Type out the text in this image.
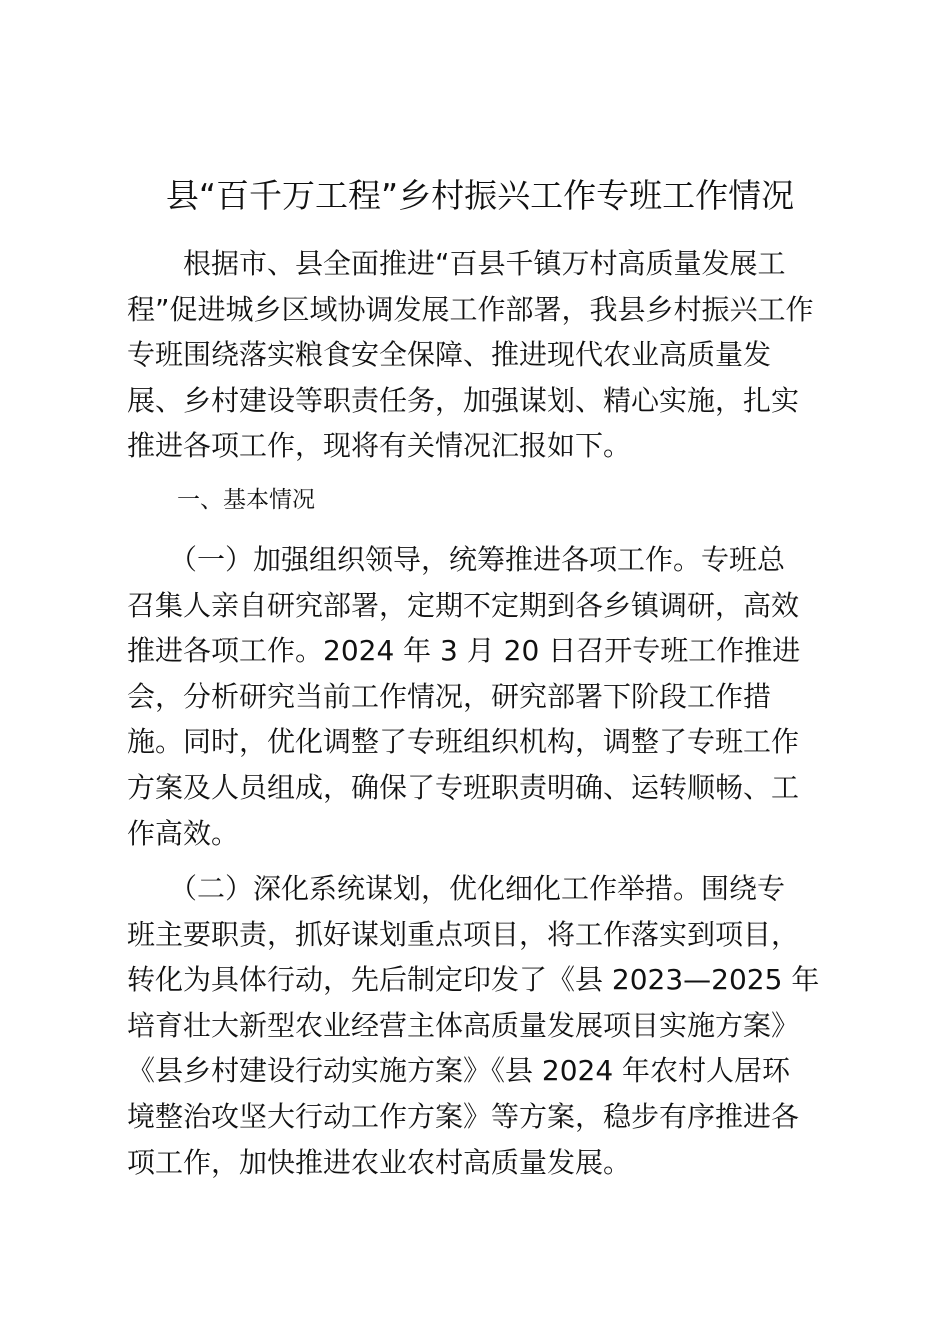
县“百千万工程”乡村振兴工作专班工作情况
　　根据市、县全面推进“百县千镇万村高质量发展工
程”促进城乡区域协调发展工作部署，我县乡村振兴工作
专班围绕落实粮食安全保障、推进现代农业高质量发
展、乡村建设等职责任务，加强谋划、精心实施，扎实
推进各项工作，现将有关情况汇报如下。
一、基本情况
　　（一）加强组织领导，统筹推进各项工作。专班总
召集人亲自研究部署，定期不定期到各乡镇调研，高效
推进各项工作。2024 年 3 月 20 日召开专班工作推进
会，分析研究当前工作情况，研究部署下阶段工作措
施。同时，优化调整了专班组织机构，调整了专班工作
方案及人员组成，确保了专班职责明确、运转顺畅、工
作高效。
　　（二）深化系统谋划，优化细化工作举措。围绕专
班主要职责，抓好谋划重点项目，将工作落实到项目，
转化为具体行动，先后制定印发了《县 2023—2025 年
培育壮大新型农业经营主体高质量发展项目实施方案》
《县乡村建设行动实施方案》《县 2024 年农村人居环
境整治攻坚大行动工作方案》等方案，稳步有序推进各
项工作，加快推进农业农村高质量发展。
